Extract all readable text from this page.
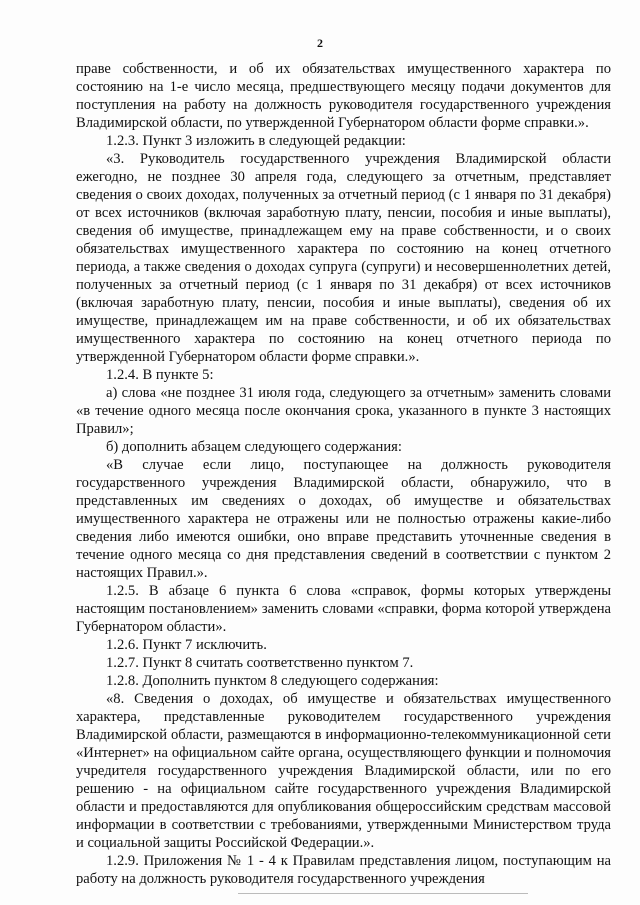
2

праве собственности, и об их обязательствах имущественного характера по состоянию на 1-е число месяца, предшествующего месяцу подачи документов для поступления на работу на должность руководителя государственного учреждения Владимирской области, по утвержденной Губернатором области форме справки.».

1.2.3. Пункт 3 изложить в следующей редакции:

«3. Руководитель государственного учреждения Владимирской области ежегодно, не позднее 30 апреля года, следующего за отчетным, представляет сведения о своих доходах, полученных за отчетный период (с 1 января по 31 декабря) от всех источников (включая заработную плату, пенсии, пособия и иные выплаты), сведения об имуществе, принадлежащем ему на праве собственности, и о своих обязательствах имущественного характера по состоянию на конец отчетного периода, а также сведения о доходах супруга (супруги) и несовершеннолетних детей, полученных за отчетный период (с 1 января по 31 декабря) от всех источников (включая заработную плату, пенсии, пособия и иные выплаты), сведения об их имуществе, принадлежащем им на праве собственности, и об их обязательствах имущественного характера по состоянию на конец отчетного периода по утвержденной Губернатором области форме справки.».

1.2.4. В пункте 5:

а) слова «не позднее 31 июля года, следующего за отчетным» заменить словами «в течение одного месяца после окончания срока, указанного в пункте 3 настоящих Правил»;

б) дополнить абзацем следующего содержания:

«В случае если лицо, поступающее на должность руководителя государственного учреждения Владимирской области, обнаружило, что в представленных им сведениях о доходах, об имуществе и обязательствах имущественного характера не отражены или не полностью отражены какие-либо сведения либо имеются ошибки, оно вправе представить уточненные сведения в течение одного месяца со дня представления сведений в соответствии с пунктом 2 настоящих Правил.».

1.2.5. В абзаце 6 пункта 6 слова «справок, формы которых утверждены настоящим постановлением» заменить словами «справки, форма которой утверждена Губернатором области».

1.2.6. Пункт 7 исключить.

1.2.7. Пункт 8 считать соответственно пунктом 7.

1.2.8. Дополнить пунктом 8 следующего содержания:

«8. Сведения о доходах, об имуществе и обязательствах имущественного характера, представленные руководителем государственного учреждения Владимирской области, размещаются в информационно-телекоммуникационной сети «Интернет» на официальном сайте органа, осуществляющего функции и полномочия учредителя государственного учреждения Владимирской области, или по его решению - на официальном сайте государственного учреждения Владимирской области и предоставляются для опубликования общероссийским средствам массовой информации в соответствии с требованиями, утвержденными Министерством труда и социальной защиты Российской Федерации.».

1.2.9. Приложения № 1 - 4 к Правилам представления лицом, поступающим на работу на должность руководителя государственного учреждения
